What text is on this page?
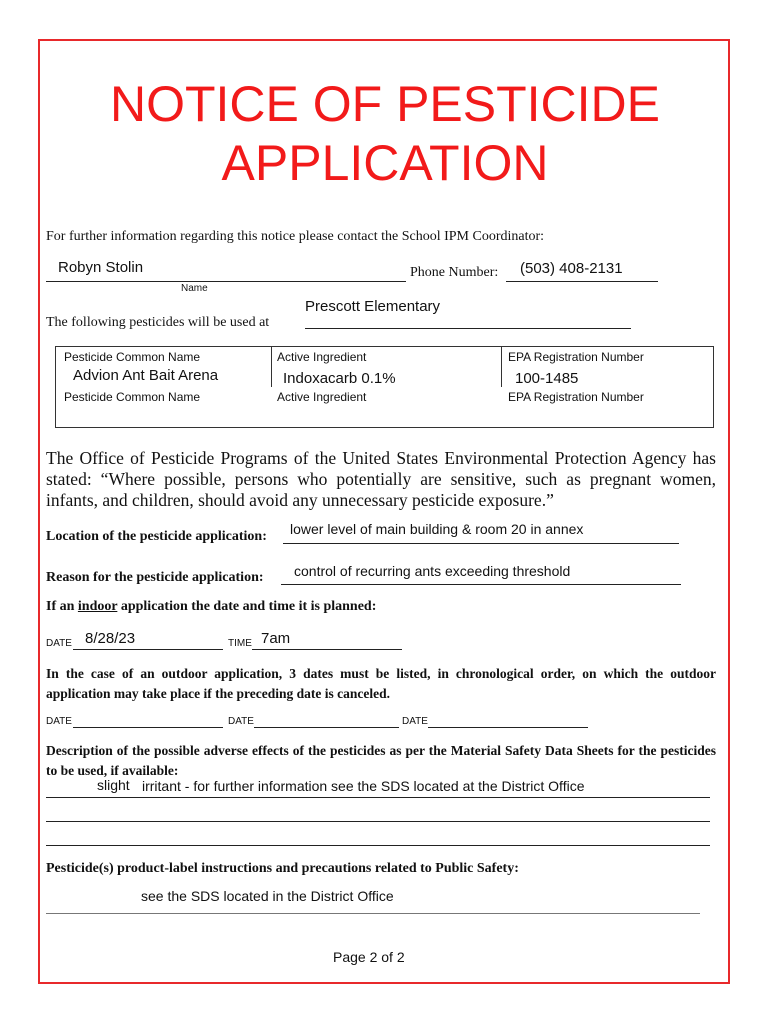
NOTICE OF PESTICIDE
APPLICATION
For further information regarding this notice please contact the School IPM Coordinator:
Robyn Stolin
Name
Phone Number: (503) 408-2131
Prescott Elementary
The following pesticides will be used at
Pesticide Common Name	Active Ingredient	EPA Registration Number
Advion Ant Bait Arena	Indoxacarb 0.1%	100-1485
Pesticide Common Name	Active Ingredient	EPA Registration Number
The Office of Pesticide Programs of the United States Environmental Protection Agency has stated: “Where possible, persons who potentially are sensitive, such as pregnant women, infants, and children, should avoid any unnecessary pesticide exposure.”
lower level of main building & room 20 in annex
Location of the pesticide application:
control of recurring ants exceeding threshold
Reason for the pesticide application:
If an indoor application the date and time it is planned:
DATE 8/28/23	TIME 7am
In the case of an outdoor application, 3 dates must be listed, in chronological order, on which the outdoor application may take place if the preceding date is canceled.
DATE	DATE	DATE
Description of the possible adverse effects of the pesticides as per the Material Safety Data Sheets for the pesticides to be used, if available:
slight irritant - for further information see the SDS located at the District Office
Pesticide(s) product-label instructions and precautions related to Public Safety:
see the SDS located in the District Office
Page 2 of 2
